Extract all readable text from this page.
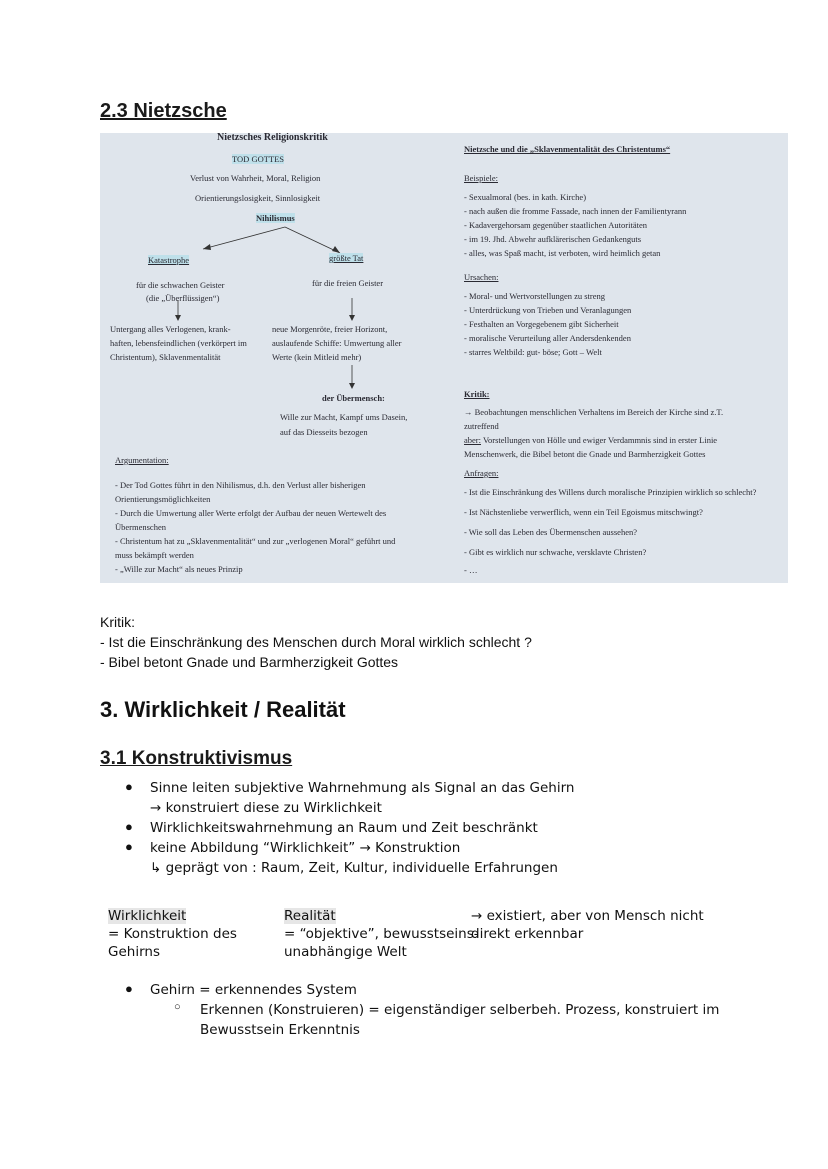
2.3 Nietzsche
Nietzsches Religionskritik
TOD GOTTES
Verlust von Wahrheit, Moral, Religion
Orientierungslosigkeit, Sinnlosigkeit
Nihilismus
Katastrophe	größte Tat
für die schwachen Geister
(die „Überflüssigen“)
für die freien Geister
Untergang alles Verlogenen, krank-
haften, lebensfeindlichen (verkörpert im
Christentum), Sklavenmentalität
neue Morgenröte, freier Horizont,
auslaufende Schiffe: Umwertung aller
Werte (kein Mitleid mehr)
der Übermensch:
Wille zur Macht, Kampf ums Dasein,
auf das Diesseits bezogen
Argumentation:
- Der Tod Gottes führt in den Nihilismus, d.h. den Verlust aller bisherigen
Orientierungsmöglichkeiten
- Durch die Umwertung aller Werte erfolgt der Aufbau der neuen Wertewelt des
Übermenschen
- Christentum hat zu „Sklavenmentalität“ und zur „verlogenen Moral“ geführt und
muss bekämpft werden
- „Wille zur Macht“ als neues Prinzip
Nietzsche und die „Sklavenmentalität des Christentums“
Beispiele:
- Sexualmoral (bes. in kath. Kirche)
- nach außen die fromme Fassade, nach innen der Familientyrann
- Kadavergehorsam gegenüber staatlichen Autoritäten
- im 19. Jhd. Abwehr aufklärerischen Gedankenguts
- alles, was Spaß macht, ist verboten, wird heimlich getan
Ursachen:
- Moral- und Wertvorstellungen zu streng
- Unterdrückung von Trieben und Veranlagungen
- Festhalten an Vorgegebenem gibt Sicherheit
- moralische Verurteilung aller Andersdenkenden
- starres Weltbild: gut- böse; Gott – Welt
Kritik:
→ Beobachtungen menschlichen Verhaltens im Bereich der Kirche sind z.T.
zutreffend
aber: Vorstellungen von Hölle und ewiger Verdammnis sind in erster Linie
Menschenwerk, die Bibel betont die Gnade und Barmherzigkeit Gottes
Anfragen:
- Ist die Einschränkung des Willens durch moralische Prinzipien wirklich so schlecht?
- Ist Nächstenliebe verwerflich, wenn ein Teil Egoismus mitschwingt?
- Wie soll das Leben des Übermenschen aussehen?
- Gibt es wirklich nur schwache, versklavte Christen?
- …
Kritik:
- Ist die Einschränkung des Menschen durch Moral wirklich schlecht ?
- Bibel betont Gnade und Barmherzigkeit Gottes
3. Wirklichkeit / Realität
3.1 Konstruktivismus
● Sinne leiten subjektive Wahrnehmung als Signal an das Gehirn
→ konstruiert diese zu Wirklichkeit
● Wirklichkeitswahrnehmung an Raum und Zeit beschränkt
● keine Abbildung “Wirklichkeit” → Konstruktion
↳ geprägt von : Raum, Zeit, Kultur, individuelle Erfahrungen
Wirklichkeit
= Konstruktion des
Gehirns
Realität
= “objektive”, bewusstseins-
unabhängige Welt
→ existiert, aber von Mensch nicht
direkt erkennbar
● Gehirn = erkennendes System
○ Erkennen (Konstruieren) = eigenständiger selberbeh. Prozess, konstruiert im
Bewusstsein Erkenntnis
